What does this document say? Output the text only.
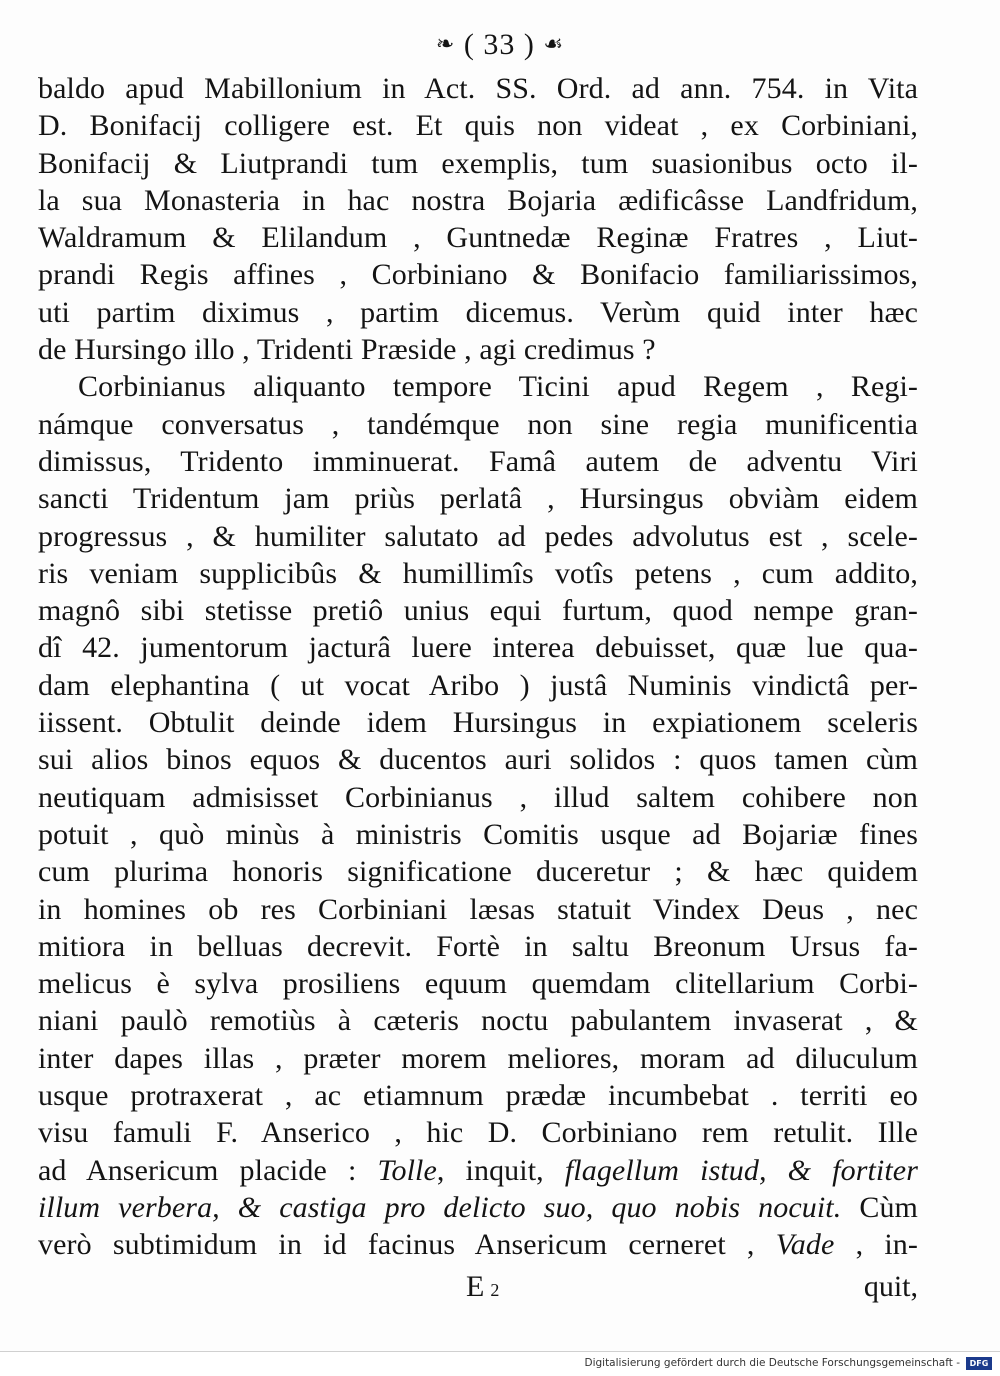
❧ ( 33 ) ☙
baldo apud Mabillonium in Act. SS. Ord. ad ann. 754. in Vita
D. Bonifacij colligere est. Et quis non videat , ex Corbiniani,
Bonifacij & Liutprandi tum exemplis, tum suasionibus octo il-
la sua Monasteria in hac nostra Bojaria ædificâsse Landfridum,
Waldramum & Elilandum , Guntnedæ Reginæ Fratres , Liut-
prandi Regis affines , Corbiniano & Bonifacio familiarissimos,
uti partim diximus , partim dicemus. Verùm quid inter hæc
de Hursingo illo , Tridenti Præside , agi credimus ?
Corbinianus aliquanto tempore Ticini apud Regem , Regi-
námque conversatus , tandémque non sine regia munificentia
dimissus, Tridento imminuerat. Famâ autem de adventu Viri
sancti Tridentum jam priùs perlatâ , Hursingus obviàm eidem
progressus , & humiliter salutato ad pedes advolutus est , scele-
ris veniam supplicibûs & humillimîs votîs petens , cum addito,
magnô sibi stetisse pretiô unius equi furtum, quod nempe gran-
dî 42. jumentorum jacturâ luere interea debuisset, quæ lue qua-
dam elephantina ( ut vocat Aribo ) justâ Numinis vindictâ per-
iissent. Obtulit deinde idem Hursingus in expiationem sceleris
sui alios binos equos & ducentos auri solidos : quos tamen cùm
neutiquam admisisset Corbinianus , illud saltem cohibere non
potuit , quò minùs à ministris Comitis usque ad Bojariæ fines
cum plurima honoris significatione duceretur ; & hæc quidem
in homines ob res Corbiniani læsas statuit Vindex Deus , nec
mitiora in belluas decrevit. Fortè in saltu Breonum Ursus fa-
melicus è sylva prosiliens equum quemdam clitellarium Corbi-
niani paulò remotiùs à cæteris noctu pabulantem invaserat , &
inter dapes illas , præter morem meliores, moram ad diluculum
usque protraxerat , ac etiamnum prædæ incumbebat . territi eo
visu famuli F. Anserico , hic D. Corbiniano rem retulit. Ille
ad Ansericum placide : Tolle, inquit, flagellum istud, & fortiter
illum verbera, & castiga pro delicto suo, quo nobis nocuit. Cùm
verò subtimidum in id facinus Ansericum cerneret , Vade , in-
E 2	quit,
Digitalisierung gefördert durch die Deutsche Forschungsgemeinschaft -	DFG
